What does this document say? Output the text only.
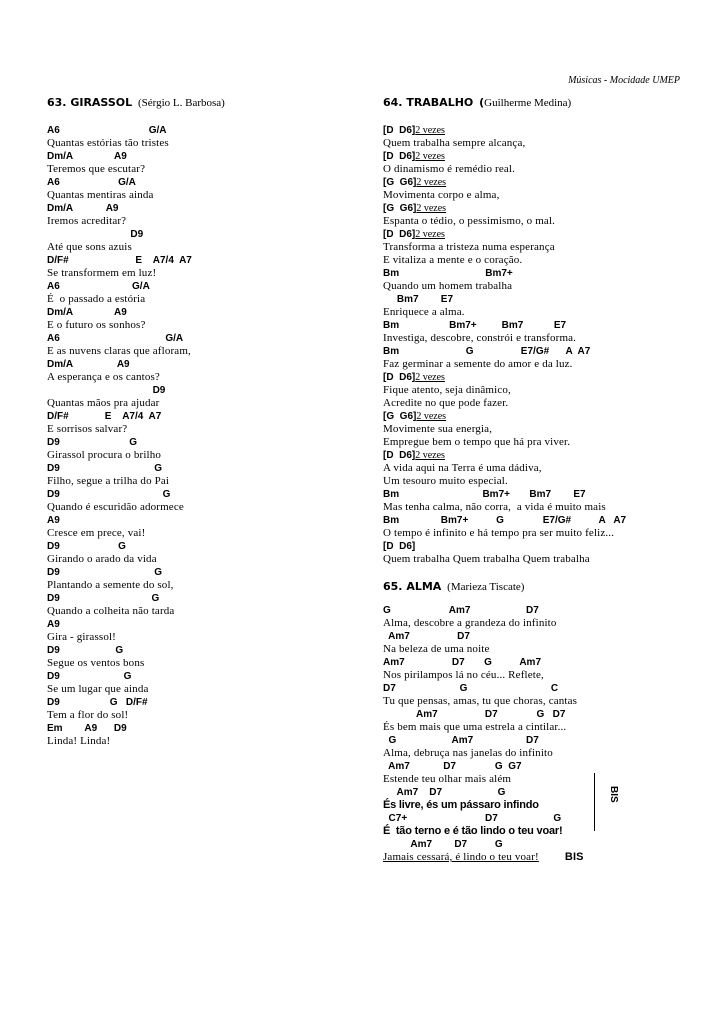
Músicas - Mocidade UMEP
63. GIRASSOL (Sérgio L. Barbosa)
A6                                G/A
Quantas estórias tão tristes
Dm/A               A9
Teremos que escutar?
A6                     G/A
Quantas mentiras ainda
Dm/A            A9
Iremos acreditar?
D9
Até que sons azuis
D/F#                        E    A7/4  A7
Se transformem em luz!
A6                          G/A
É  o passado a estória
Dm/A               A9
E o futuro os sonhos?
A6                                      G/A
E as nuvens claras que afloram,
Dm/A                A9
A esperança e os cantos?
D9
Quantas mãos pra ajudar
D/F#             E    A7/4  A7
E sorrisos salvar?
D9                         G
Girassol procura o brilho
D9                                  G
Filho, segue a trilha do Pai
D9                                     G
Quando é escuridão adormece
A9
Cresce em prece, vai!
D9                     G
Girando o arado da vida
D9                                  G
Plantando a semente do sol,
D9                                 G
Quando a colheita não tarda
A9
Gira - girassol!
D9                    G
Segue os ventos bons
D9                       G
Se um lugar que ainda
D9                  G   D/F#
Tem a flor do sol!
Em        A9      D9
Linda! Linda!
64. TRABALHO (Guilherme Medina)
[D  D6]2 vezes
Quem trabalha sempre alcança,
[D  D6]2 vezes
O dinamismo é remédio real.
[G  G6]2 vezes
Movimenta corpo e alma,
[G  G6]2 vezes
Espanta o tédio, o pessimismo, o mal.
[D  D6]2 vezes
Transforma a tristeza numa esperança
E vitaliza a mente e o coração.
Bm                               Bm7+
Quando um homem trabalha
Bm7        E7
Enriquece a alma.
Bm                  Bm7+         Bm7           E7
Investiga, descobre, constrói e transforma.
Bm                        G                 E7/G#      A  A7
Faz germinar a semente do amor e da luz.
[D  D6]2 vezes
Fique atento, seja dinâmico,
Acredite no que pode fazer.
[G  G6]2 vezes
Movimente sua energia,
Empregue bem o tempo que há pra viver.
[D  D6]2 vezes
A vida aqui na Terra é uma dádiva,
Um tesouro muito especial.
Bm                              Bm7+       Bm7        E7
Mas tenha calma, não corra,  a vida é muito mais
Bm               Bm7+          G              E7/G#          A   A7
O tempo é infinito e há tempo pra ser muito feliz...
[D  D6]
Quem trabalha Quem trabalha Quem trabalha
65. ALMA (Marieza Tiscate)
G                     Am7                    D7
Alma, descobre a grandeza do infinito
Am7                 D7
Na beleza de uma noite
Am7                 D7       G          Am7
Nos pirilampos lá no céu... Reflete,
D7                       G                              C
Tu que pensas, amas, tu que choras, cantas
Am7                 D7              G   D7
És bem mais que uma estrela a cintilar...
G                    Am7                   D7
Alma, debruça nas janelas do infinito
Am7            D7              G  G7
Estende teu olhar mais além
Am7    D7                    G
És livre, és um pássaro infindo
C7+                            D7                    G
É  tão terno e é tão lindo o teu voar!
Am7        D7          G
Jamais cessará, é lindo o teu voar! BIS
BIS
